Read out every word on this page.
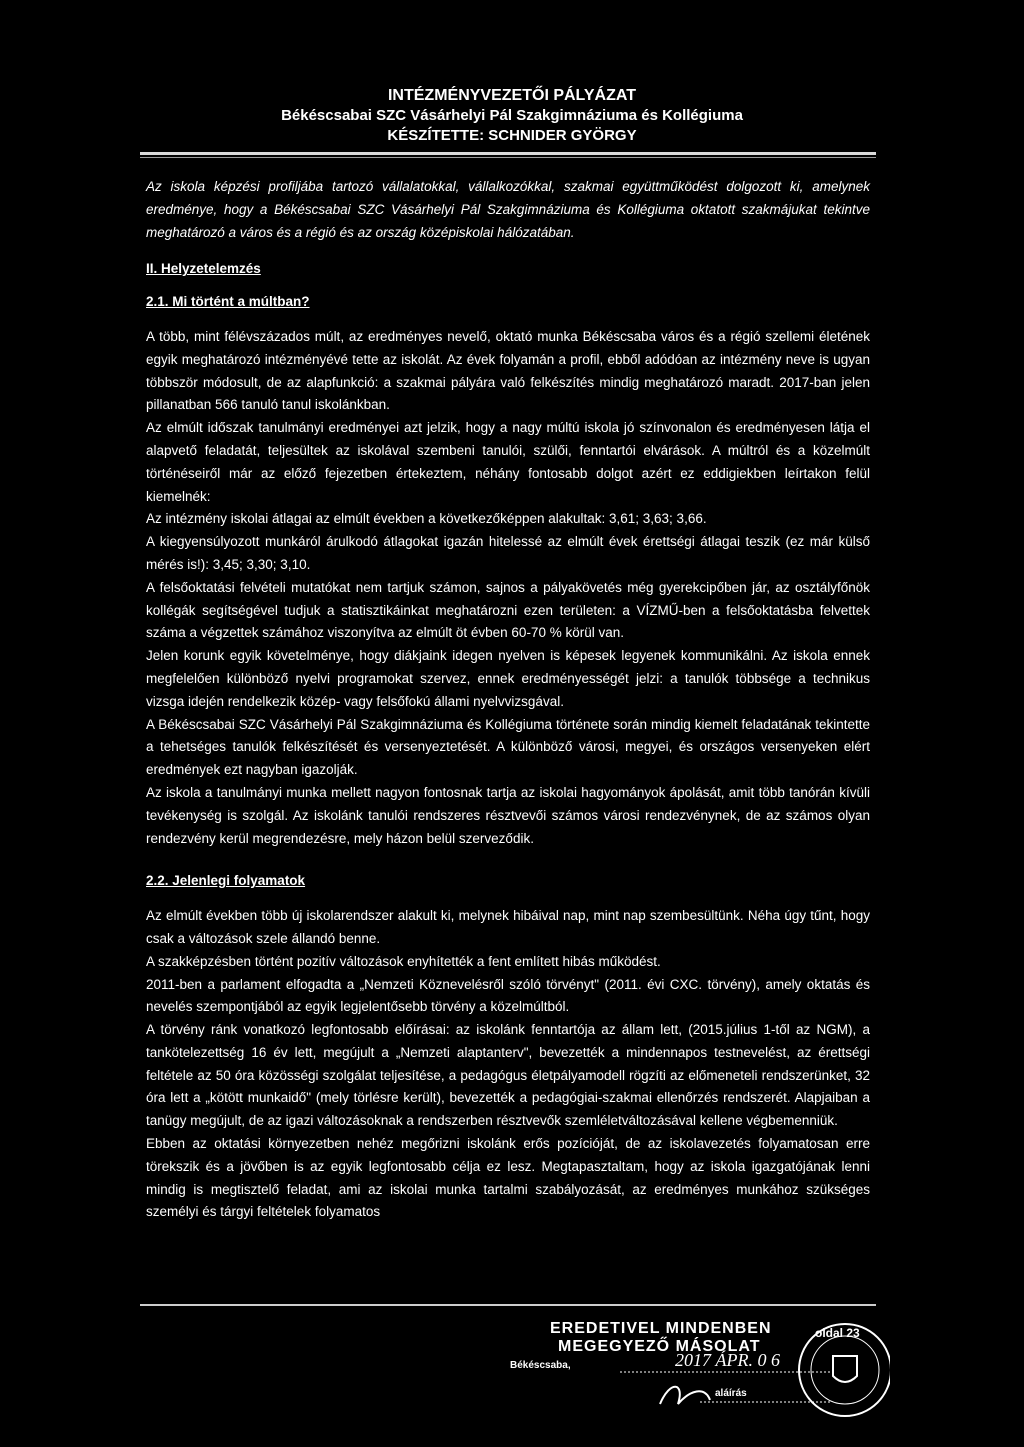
INTÉZMÉNYVEZETŐI PÁLYÁZAT
Békéscsabai SZC Vásárhelyi Pál Szakgimnáziuma és Kollégiuma
KÉSZÍTETTE: SCHNIDER GYÖRGY

Az iskola képzési profiljába tartozó vállalatokkal, vállalkozókkal, szakmai együttműködést dolgozott ki, amelynek eredménye, hogy a Békéscsabai SZC Vásárhelyi Pál Szakgimnáziuma és Kollégiuma oktatott szakmájukat tekintve meghatározó a város és a régió és az ország középiskolai hálózatában.

II. Helyzetelemzés

2.1. Mi történt a múltban?

A több, mint félévszázados múlt, az eredményes nevelő, oktató munka Békéscsaba város és a régió szellemi életének egyik meghatározó intézményévé tette az iskolát. Az évek folyamán a profil, ebből adódóan az intézmény neve is ugyan többször módosult, de az alapfunkció: a szakmai pályára való felkészítés mindig meghatározó maradt. 2017-ban jelen pillanatban 566 tanuló tanul iskolánkban.

Az elmúlt időszak tanulmányi eredményei azt jelzik, hogy a nagy múltú iskola jó színvonalon és eredményesen látja el alapvető feladatát, teljesültek az iskolával szembeni tanulói, szülői, fenntartói elvárások. A múltról és a közelmúlt történéseiről már az előző fejezetben értekeztem, néhány fontosabb dolgot azért ez eddigiekben leírtakon felül kiemelnék:

Az intézmény iskolai átlagai az elmúlt években a következőképpen alakultak: 3,61; 3,63; 3,66.

A kiegyensúlyozott munkáról árulkodó átlagokat igazán hitelessé az elmúlt évek érettségi átlagai teszik (ez már külső mérés is!): 3,45; 3,30; 3,10.

A felsőoktatási felvételi mutatókat nem tartjuk számon, sajnos a pályakövetés még gyerekcipőben jár, az osztályfőnök kollégák segítségével tudjuk a statisztikáinkat meghatározni ezen területen: a VÍZMŰ-ben a felsőoktatásba felvettek száma a végzettek számához viszonyítva az elmúlt öt évben 60-70 % körül van.

Jelen korunk egyik követelménye, hogy diákjaink idegen nyelven is képesek legyenek kommunikálni. Az iskola ennek megfelelően különböző nyelvi programokat szervez, ennek eredményességét jelzi: a tanulók többsége a technikus vizsga idején rendelkezik közép- vagy felsőfokú állami nyelvvizsgával.

A Békéscsabai SZC Vásárhelyi Pál Szakgimnáziuma és Kollégiuma története során mindig kiemelt feladatának tekintette a tehetséges tanulók felkészítését és versenyeztetését. A különböző városi, megyei, és országos versenyeken elért eredmények ezt nagyban igazolják.

Az iskola a tanulmányi munka mellett nagyon fontosnak tartja az iskolai hagyományok ápolását, amit több tanórán kívüli tevékenység is szolgál. Az iskolánk tanulói rendszeres résztvevői számos városi rendezvénynek, de az számos olyan rendezvény kerül megrendezésre, mely házon belül szerveződik.

2.2. Jelenlegi folyamatok

Az elmúlt években több új iskolarendszer alakult ki, melynek hibáival nap, mint nap szembesültünk. Néha úgy tűnt, hogy csak a változások szele állandó benne.

A szakképzésben történt pozitív változások enyhítették a fent említett hibás működést.

2011-ben a parlament elfogadta a „Nemzeti Köznevelésről szóló törvényt" (2011. évi CXC. törvény), amely oktatás és nevelés szempontjából az egyik legjelentősebb törvény a közelmúltból.

A törvény ránk vonatkozó legfontosabb előírásai: az iskolánk fenntartója az állam lett, (2015.július 1-től az NGM), a tankötelezettség 16 év lett, megújult a „Nemzeti alaptanterv", bevezették a mindennapos testnevelést, az érettségi feltétele az 50 óra közösségi szolgálat teljesítése, a pedagógus életpályamodell rögzíti az előmeneteli rendszerünket, 32 óra lett a „kötött munkaidő" (mely törlésre került), bevezették a pedagógiai-szakmai ellenőrzés rendszerét. Alapjaiban a tanügy megújult, de az igazi változásoknak a rendszerben résztvevők szemléletváltozásával kellene végbemenniük.

Ebben az oktatási környezetben nehéz megőrizni iskolánk erős pozícióját, de az iskolavezetés folyamatosan erre törekszik és a jövőben is az egyik legfontosabb célja ez lesz. Megtapasztaltam, hogy az iskola igazgatójának lenni mindig is megtisztelő feladat, ami az iskolai munka tartalmi szabályozását, az eredményes munkához szükséges személyi és tárgyi feltételek folyamatos

EREDETIVEL MINDENBEN
MEGEGYEZŐ MÁSOLAT
Békéscsaba,	2017 ÁPR. 0 6
aláírás
oldal 23
